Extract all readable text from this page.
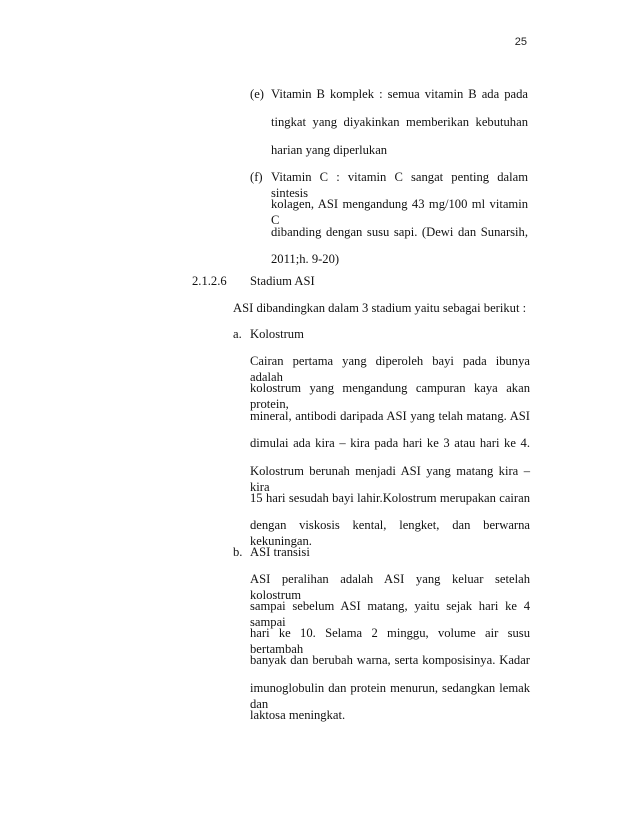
25
(e) Vitamin B komplek : semua vitamin B ada pada
tingkat yang diyakinkan memberikan kebutuhan
harian yang diperlukan
(f) Vitamin C : vitamin C sangat penting dalam sintesis
kolagen, ASI mengandung 43 mg/100 ml vitamin C
dibanding dengan susu sapi. (Dewi dan Sunarsih,
2011;h. 9-20)
2.1.2.6 Stadium ASI
ASI dibandingkan dalam 3 stadium yaitu sebagai berikut :
a. Kolostrum
Cairan pertama yang diperoleh bayi pada ibunya adalah
kolostrum yang mengandung campuran kaya akan protein,
mineral, antibodi daripada ASI yang telah matang. ASI
dimulai ada kira – kira pada hari ke 3 atau hari ke 4.
Kolostrum berunah menjadi ASI yang matang kira – kira
15 hari sesudah bayi lahir.Kolostrum merupakan cairan
dengan viskosis kental, lengket, dan berwarna kekuningan.
b. ASI transisi
ASI peralihan adalah ASI yang keluar setelah kolostrum
sampai sebelum ASI matang, yaitu sejak hari ke 4 sampai
hari ke 10. Selama 2 minggu, volume air susu bertambah
banyak dan berubah warna, serta komposisinya. Kadar
imunoglobulin dan protein menurun, sedangkan lemak dan
laktosa meningkat.
